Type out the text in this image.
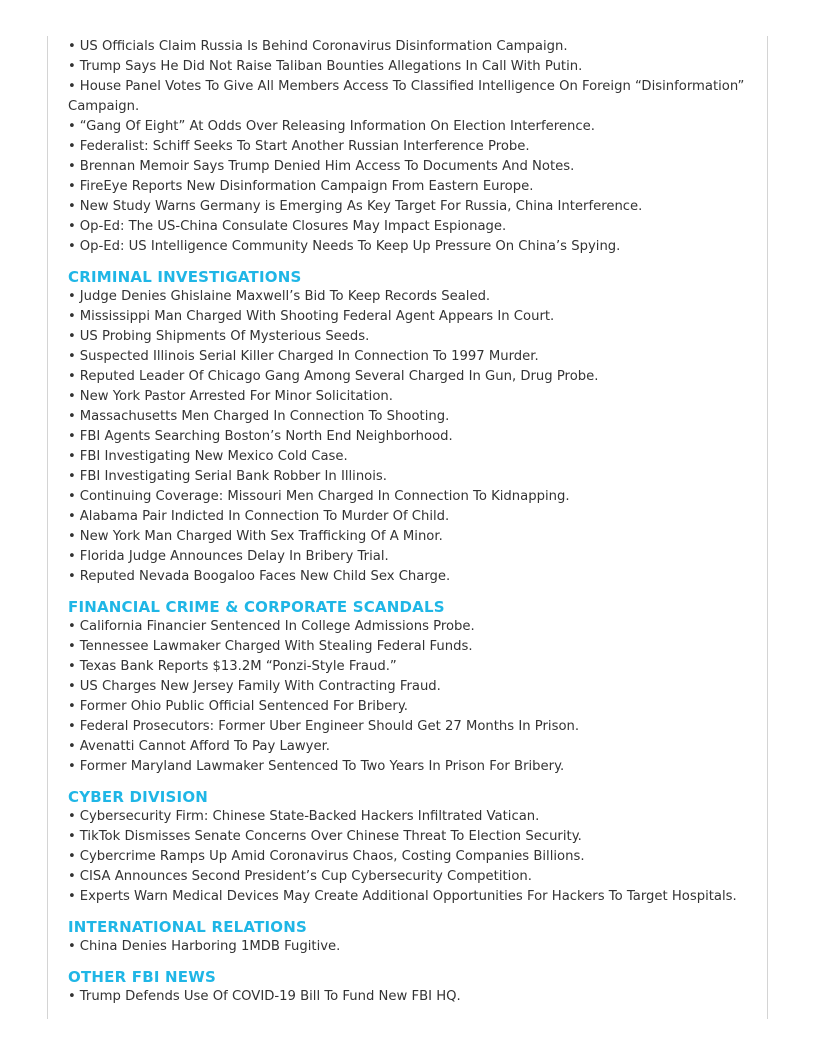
• US Officials Claim Russia Is Behind Coronavirus Disinformation Campaign.
• Trump Says He Did Not Raise Taliban Bounties Allegations In Call With Putin.
• House Panel Votes To Give All Members Access To Classified Intelligence On Foreign “Disinformation” Campaign.
• “Gang Of Eight” At Odds Over Releasing Information On Election Interference.
• Federalist: Schiff Seeks To Start Another Russian Interference Probe.
• Brennan Memoir Says Trump Denied Him Access To Documents And Notes.
• FireEye Reports New Disinformation Campaign From Eastern Europe.
• New Study Warns Germany is Emerging As Key Target For Russia, China Interference.
• Op-Ed: The US-China Consulate Closures May Impact Espionage.
• Op-Ed: US Intelligence Community Needs To Keep Up Pressure On China’s Spying.
CRIMINAL INVESTIGATIONS
• Judge Denies Ghislaine Maxwell’s Bid To Keep Records Sealed.
• Mississippi Man Charged With Shooting Federal Agent Appears In Court.
• US Probing Shipments Of Mysterious Seeds.
• Suspected Illinois Serial Killer Charged In Connection To 1997 Murder.
• Reputed Leader Of Chicago Gang Among Several Charged In Gun, Drug Probe.
• New York Pastor Arrested For Minor Solicitation.
• Massachusetts Men Charged In Connection To Shooting.
• FBI Agents Searching Boston’s North End Neighborhood.
• FBI Investigating New Mexico Cold Case.
• FBI Investigating Serial Bank Robber In Illinois.
• Continuing Coverage: Missouri Men Charged In Connection To Kidnapping.
• Alabama Pair Indicted In Connection To Murder Of Child.
• New York Man Charged With Sex Trafficking Of A Minor.
• Florida Judge Announces Delay In Bribery Trial.
• Reputed Nevada Boogaloo Faces New Child Sex Charge.
FINANCIAL CRIME & CORPORATE SCANDALS
• California Financier Sentenced In College Admissions Probe.
• Tennessee Lawmaker Charged With Stealing Federal Funds.
• Texas Bank Reports $13.2M “Ponzi-Style Fraud.”
• US Charges New Jersey Family With Contracting Fraud.
• Former Ohio Public Official Sentenced For Bribery.
• Federal Prosecutors: Former Uber Engineer Should Get 27 Months In Prison.
• Avenatti Cannot Afford To Pay Lawyer.
• Former Maryland Lawmaker Sentenced To Two Years In Prison For Bribery.
CYBER DIVISION
• Cybersecurity Firm: Chinese State-Backed Hackers Infiltrated Vatican.
• TikTok Dismisses Senate Concerns Over Chinese Threat To Election Security.
• Cybercrime Ramps Up Amid Coronavirus Chaos, Costing Companies Billions.
• CISA Announces Second President’s Cup Cybersecurity Competition.
• Experts Warn Medical Devices May Create Additional Opportunities For Hackers To Target Hospitals.
INTERNATIONAL RELATIONS
• China Denies Harboring 1MDB Fugitive.
OTHER FBI NEWS
• Trump Defends Use Of COVID-19 Bill To Fund New FBI HQ.
